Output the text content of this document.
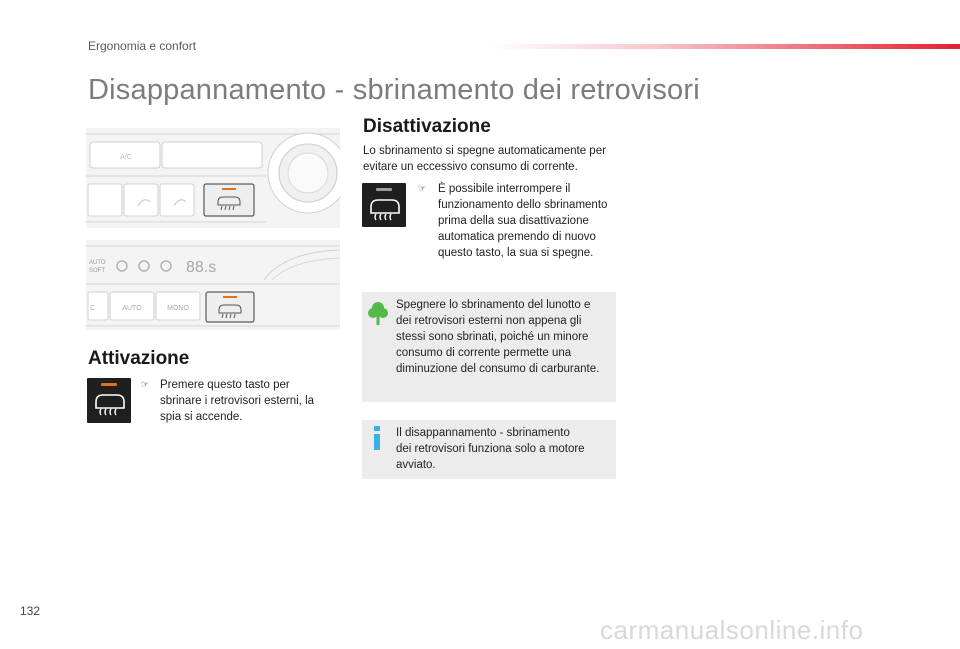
Ergonomia e confort
Disappannamento - sbrinamento dei retrovisori
A/C
AUTO
SOFT	88.s
C	AUTO	MONO
Attivazione
☞ Premere questo tasto per
sbrinare i retrovisori esterni, la
spia si accende.
Disattivazione
Lo sbrinamento si spegne automaticamente per
evitare un eccessivo consumo di corrente.
☞ È possibile interrompere il
funzionamento dello sbrinamento
prima della sua disattivazione
automatica premendo di nuovo
questo tasto, la sua si spegne.
Spegnere lo sbrinamento del lunotto e
dei retrovisori esterni non appena gli
stessi sono sbrinati, poiché un minore
consumo di corrente permette una
diminuzione del consumo di carburante.
Il disappannamento - sbrinamento
dei retrovisori funziona solo a motore
avviato.
132
carmanualsonline.info
